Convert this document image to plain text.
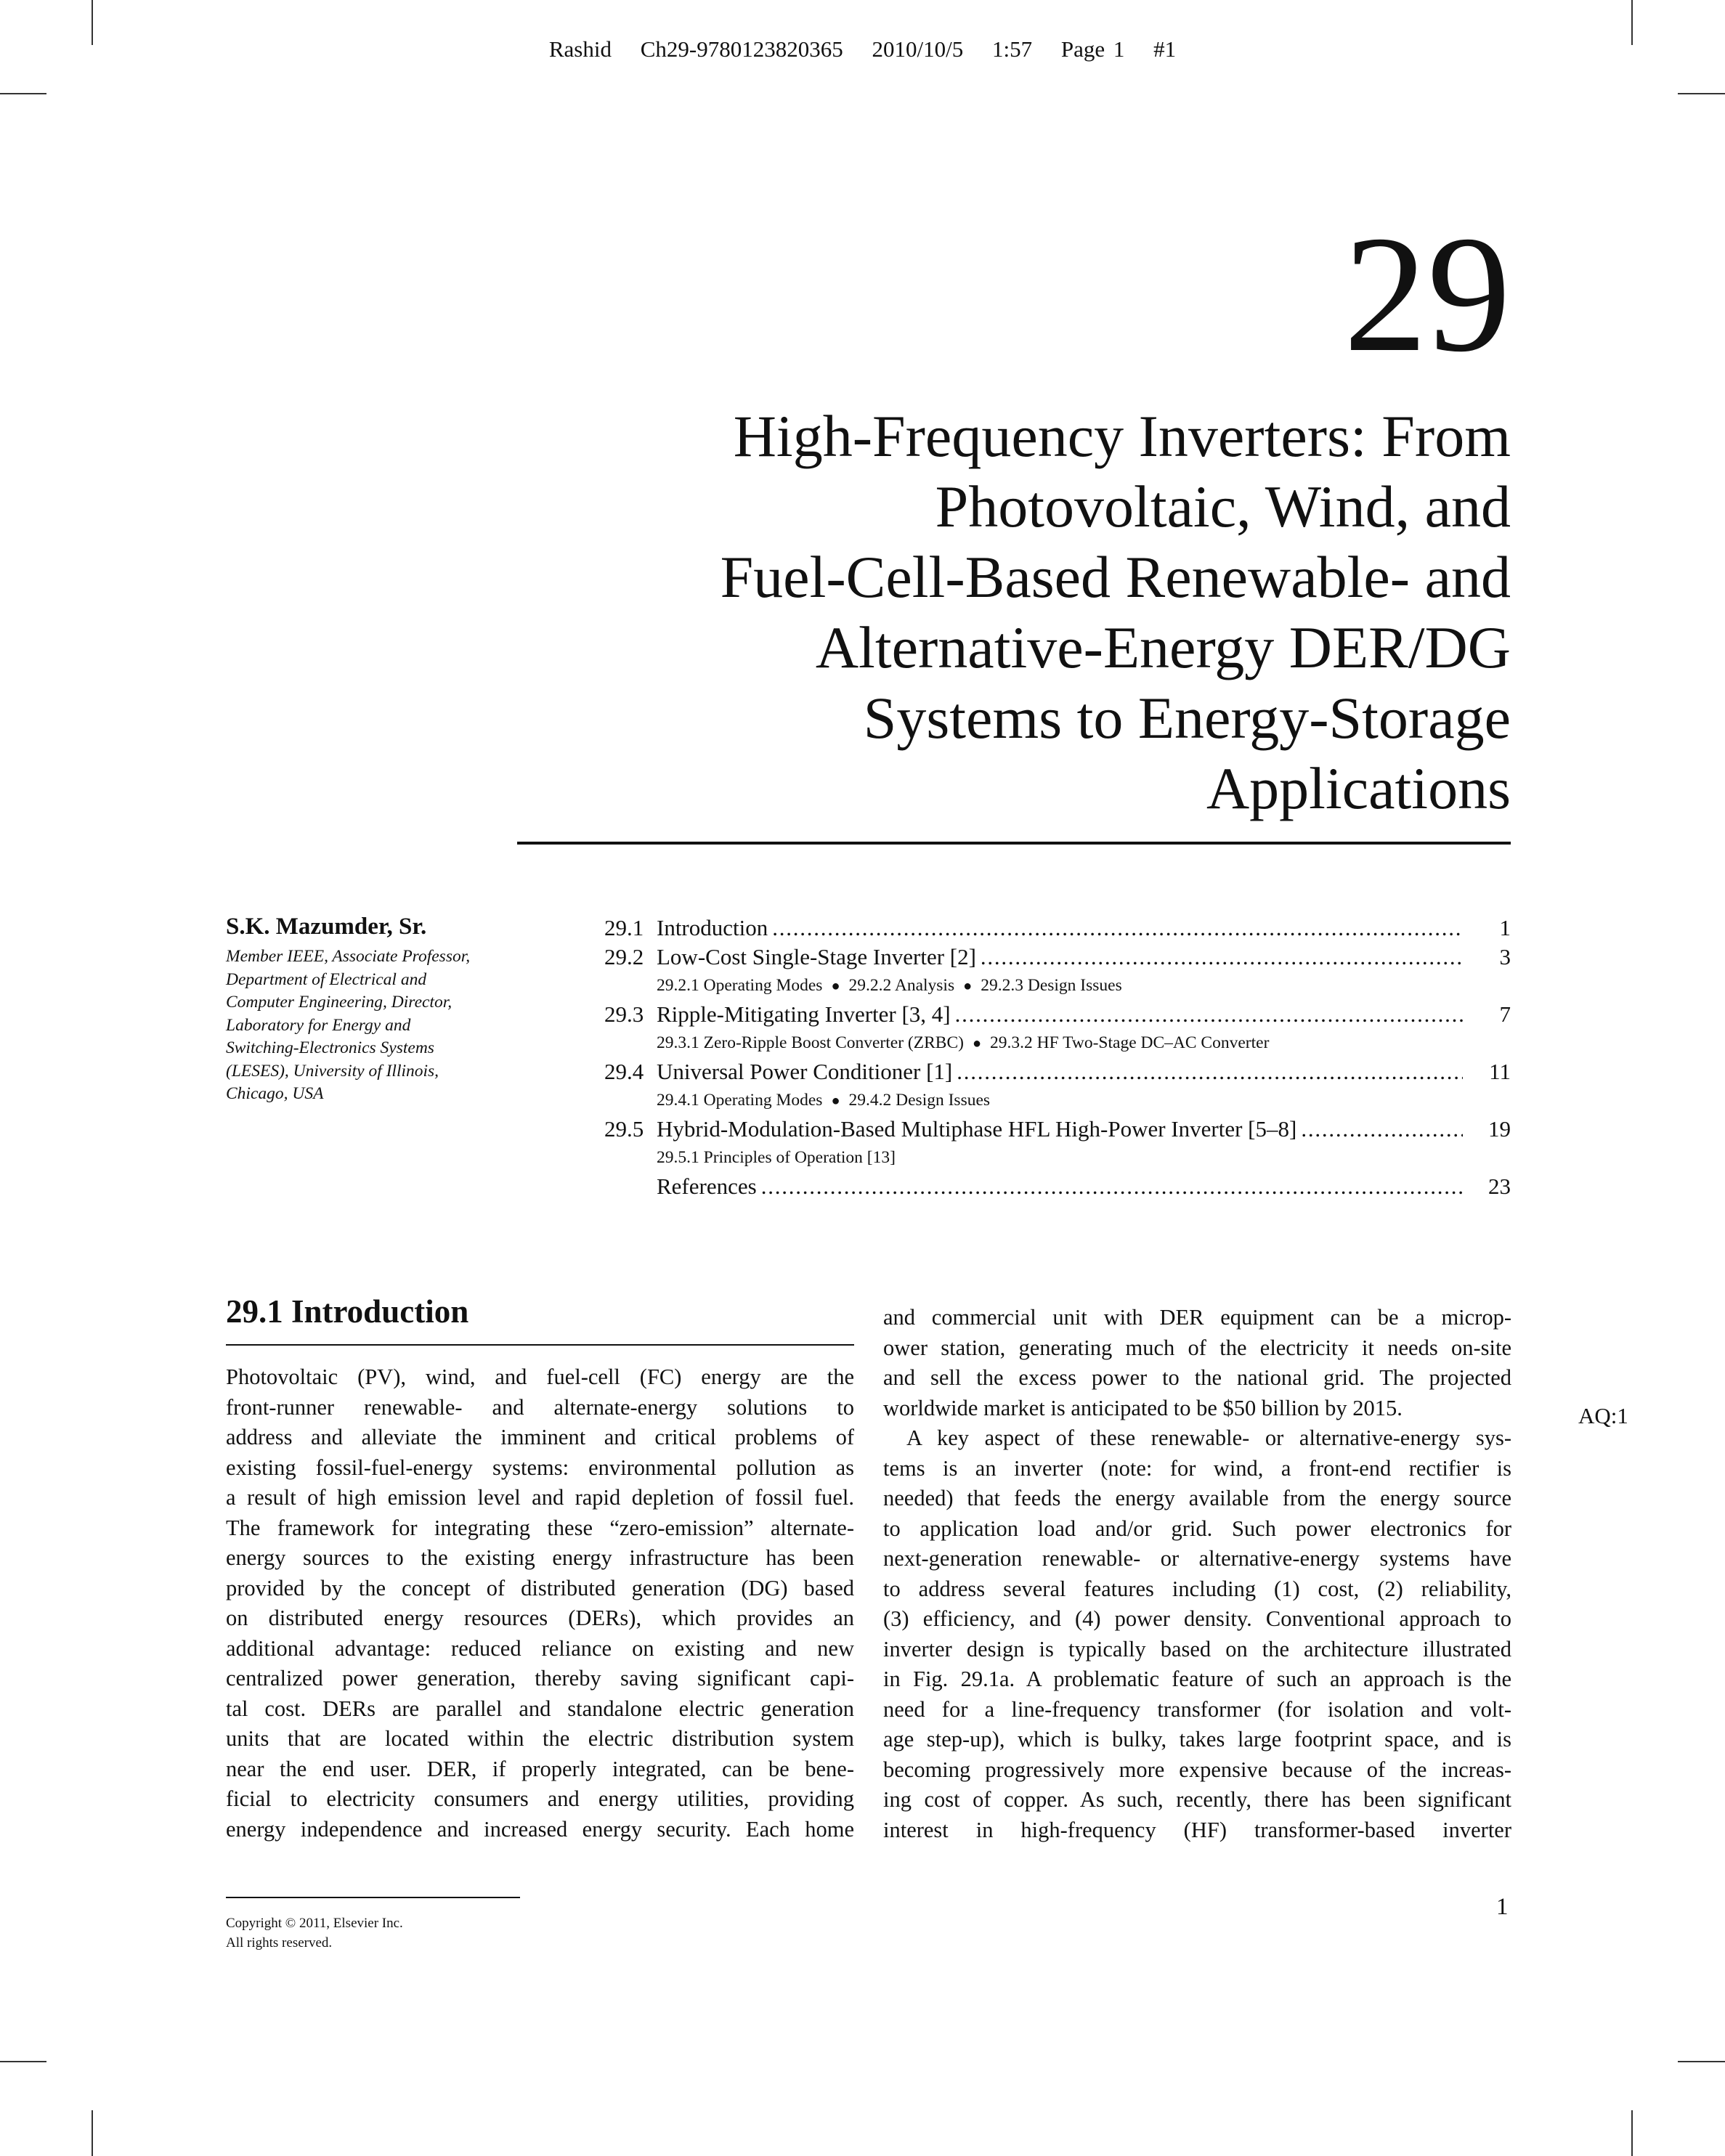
Rashid Ch29-9780123820365 2010/10/5 1:57 Page 1 #1
29
High-Frequency Inverters: From
Photovoltaic, Wind, and
Fuel-Cell-Based Renewable- and
Alternative-Energy DER/DG
Systems to Energy-Storage
Applications
S.K. Mazumder, Sr.
Member IEEE, Associate Professor,
Department of Electrical and
Computer Engineering, Director,
Laboratory for Energy and
Switching-Electronics Systems
(LESES), University of Illinois,
Chicago, USA
29.1 Introduction . . .	1
29.2 Low-Cost Single-Stage Inverter [2] . . .	3
29.2.1 Operating Modes ● 29.2.2 Analysis ● 29.2.3 Design Issues
29.3 Ripple-Mitigating Inverter [3, 4] . . .	7
29.3.1 Zero-Ripple Boost Converter (ZRBC) ● 29.3.2 HF Two-Stage DC–AC Converter
29.4 Universal Power Conditioner [1] . . .	11
29.4.1 Operating Modes ● 29.4.2 Design Issues
29.5 Hybrid-Modulation-Based Multiphase HFL High-Power Inverter [5–8] . . .	19
29.5.1 Principles of Operation [13]
References . . .	23
29.1 Introduction
Photovoltaic (PV), wind, and fuel-cell (FC) energy are the
front-runner renewable- and alternate-energy solutions to
address and alleviate the imminent and critical problems of
existing fossil-fuel-energy systems: environmental pollution as
a result of high emission level and rapid depletion of fossil fuel.
The framework for integrating these “zero-emission” alternate-
energy sources to the existing energy infrastructure has been
provided by the concept of distributed generation (DG) based
on distributed energy resources (DERs), which provides an
additional advantage: reduced reliance on existing and new
centralized power generation, thereby saving significant capi-
tal cost. DERs are parallel and standalone electric generation
units that are located within the electric distribution system
near the end user. DER, if properly integrated, can be bene-
ficial to electricity consumers and energy utilities, providing
energy independence and increased energy security. Each home
and commercial unit with DER equipment can be a microp-
ower station, generating much of the electricity it needs on-site
and sell the excess power to the national grid. The projected
worldwide market is anticipated to be $50 billion by 2015.
A key aspect of these renewable- or alternative-energy sys-
tems is an inverter (note: for wind, a front-end rectifier is
needed) that feeds the energy available from the energy source
to application load and/or grid. Such power electronics for
next-generation renewable- or alternative-energy systems have
to address several features including (1) cost, (2) reliability,
(3) efficiency, and (4) power density. Conventional approach to
inverter design is typically based on the architecture illustrated
in Fig. 29.1a. A problematic feature of such an approach is the
need for a line-frequency transformer (for isolation and volt-
age step-up), which is bulky, takes large footprint space, and is
becoming progressively more expensive because of the increas-
ing cost of copper. As such, recently, there has been significant
interest in high-frequency (HF) transformer-based inverter
AQ:1
Copyright © 2011, Elsevier Inc.
All rights reserved.
1
